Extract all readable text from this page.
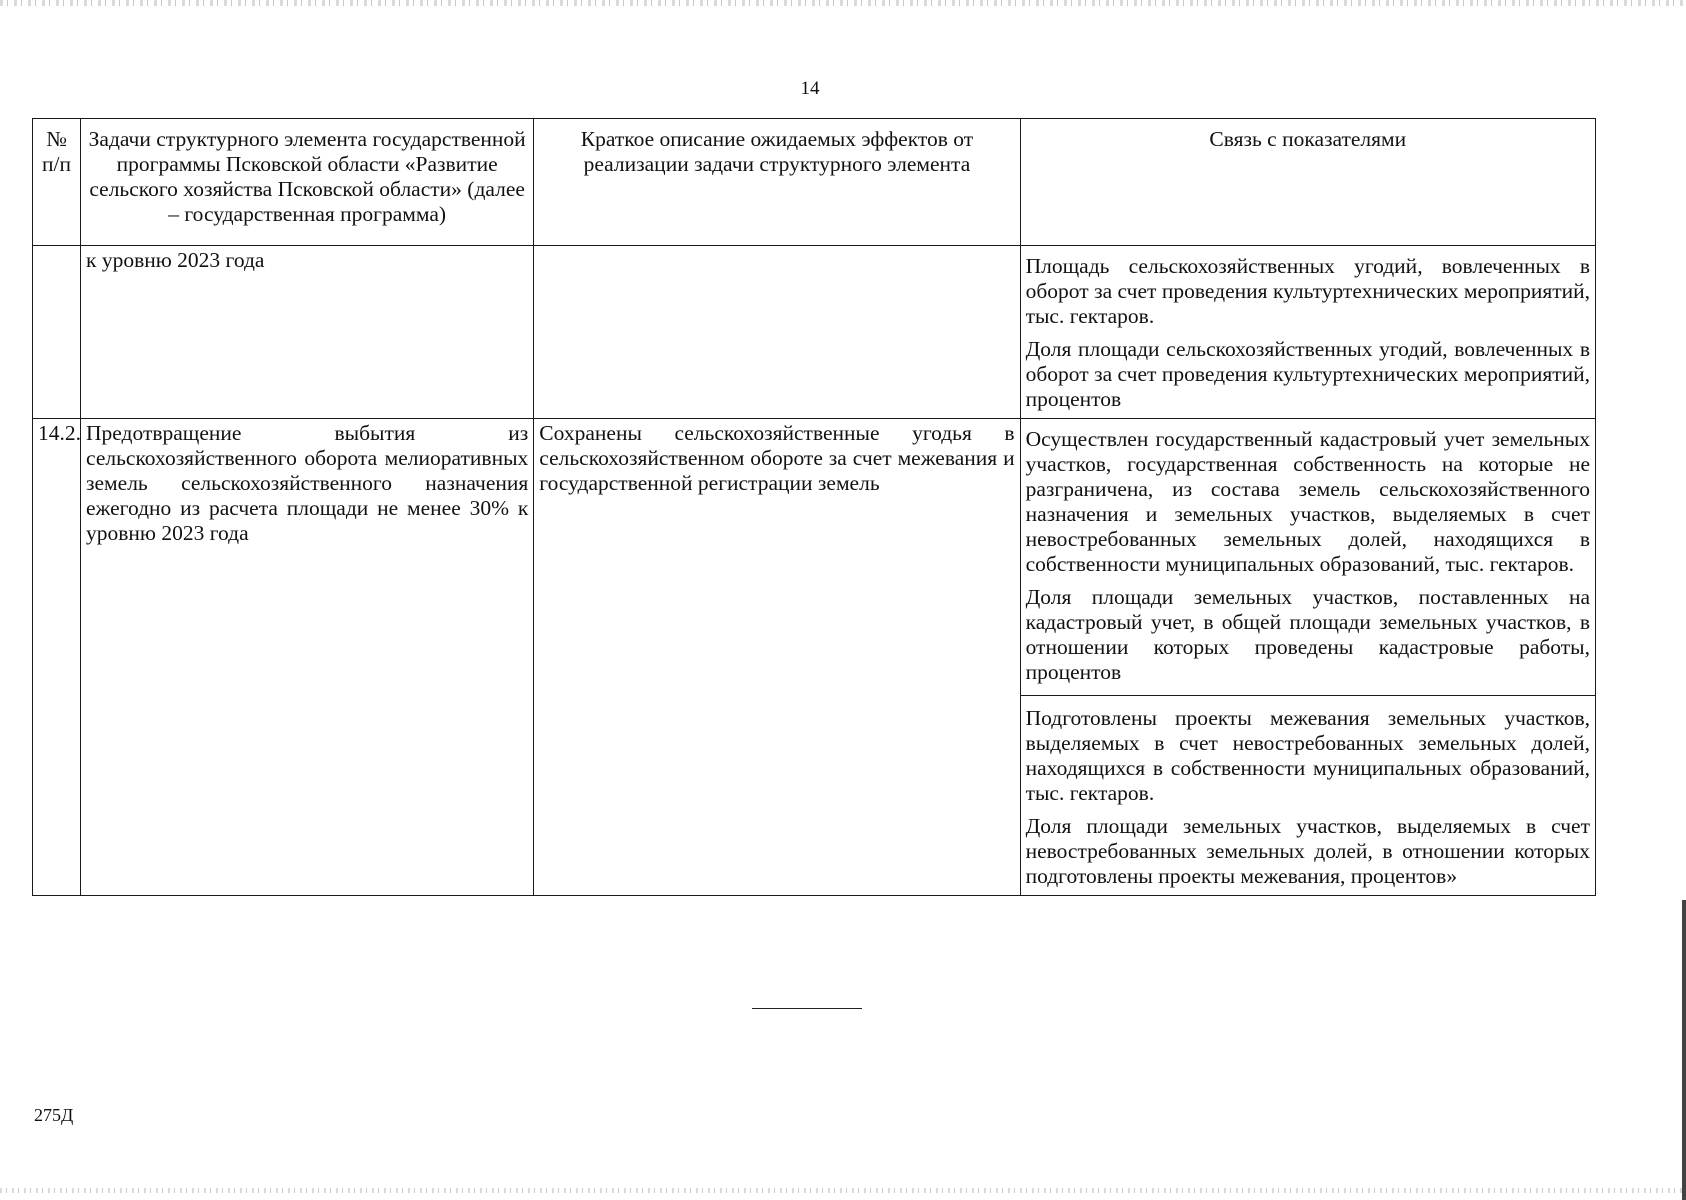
14
№ п/п	Задачи структурного элемента государственной программы Псковской области «Развитие сельского хозяйства Псковской области» (далее – государственная программа)	Краткое описание ожидаемых эффектов от реализации задачи структурного элемента	Связь с показателями
	к уровню 2023 года		Площадь сельскохозяйственных угодий, вовлеченных в оборот за счет проведения культуртехнических мероприятий, тыс. гектаров.
Доля площади сельскохозяйственных угодий, вовлеченных в оборот за счет проведения культуртехнических мероприятий, процентов

14.2.	Предотвращение выбытия из сельскохозяйственного оборота мелиоративных земель сельскохозяйственного назначения ежегодно из расчета площади не менее 30% к уровню 2023 года	Сохранены сельскохозяйственные угодья в сельскохозяйственном обороте за счет межевания и государственной регистрации земель	Осуществлен государственный кадастровый учет земельных участков, государственная собственность на которые не разграничена, из состава земель сельскохозяйственного назначения и земельных участков, выделяемых в счет невостребованных земельных долей, находящихся в собственности муниципальных образований, тыс. гектаров.
Доля площади земельных участков, поставленных на кадастровый учет, в общей площади земельных участков, в отношении которых проведены кадастровые работы, процентов
Подготовлены проекты межевания земельных участков, выделяемых в счет невостребованных земельных долей, находящихся в собственности муниципальных образований, тыс. гектаров.
Доля площади земельных участков, выделяемых в счет невостребованных земельных долей, в отношении которых подготовлены проекты межевания, процентов»
275Д
